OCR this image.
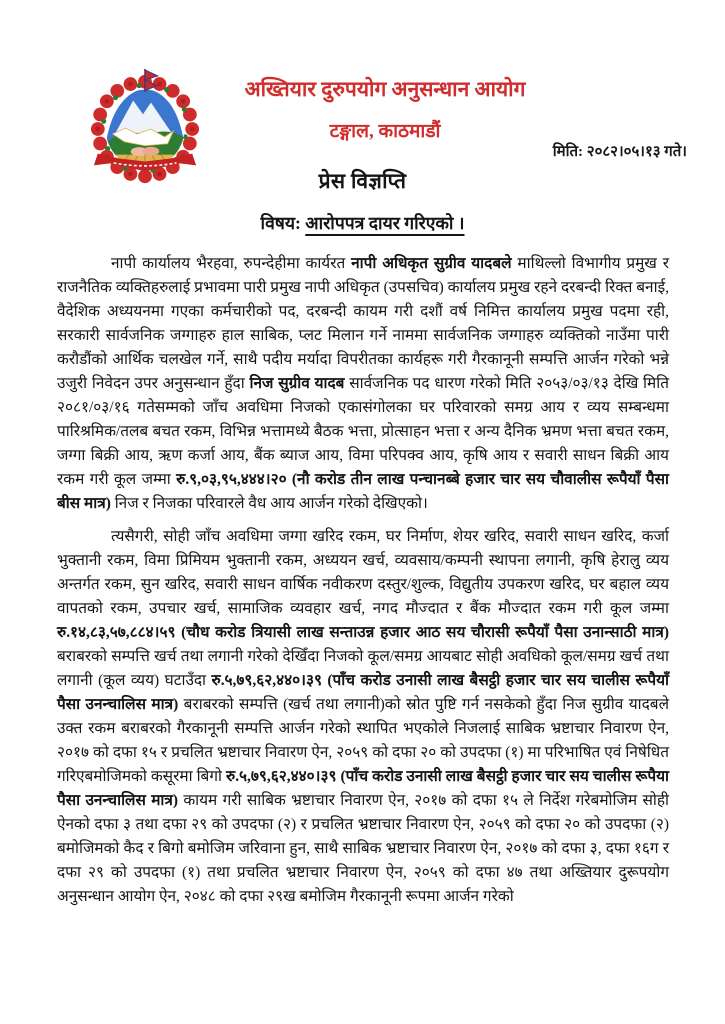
अख्तियार दुरुपयोग अनुसन्धान आयोग
टङ्गाल, काठमाडौं
मिति: २०८२।०५।१३ गते।
प्रेस विज्ञप्ति
विषय: आरोपपत्र दायर गरिएको ।

नापी कार्यालय भैरहवा, रुपन्देहीमा कार्यरत नापी अधिकृत सुग्रीव यादबले माथिल्लो विभागीय प्रमुख र राजनैतिक व्यक्तिहरुलाई प्रभावमा पारी प्रमुख नापी अधिकृत (उपसचिव) कार्यालय प्रमुख रहने दरबन्दी रिक्त बनाई, वैदेशिक अध्ययनमा गएका कर्मचारीको पद, दरबन्दी कायम गरी दशौं वर्ष निमित्त कार्यालय प्रमुख पदमा रही, सरकारी सार्वजनिक जग्गाहरु हाल साबिक, प्लट मिलान गर्ने नाममा सार्वजनिक जग्गाहरु व्यक्तिको नाउँमा पारी करौडौंको आर्थिक चलखेल गर्ने, साथै पदीय मर्यादा विपरीतका कार्यहरू गरी गैरकानूनी सम्पत्ति आर्जन गरेको भन्ने उजुरी निवेदन उपर अनुसन्धान हुँदा निज सुग्रीव यादब सार्वजनिक पद धारण गरेको मिति २०५३/०३/१३ देखि मिति २०८१/०३/१६ गतेसम्मको जाँच अवधिमा निजको एकासंगोलका घर परिवारको समग्र आय र व्यय सम्बन्धमा पारिश्रमिक/तलब बचत रकम, विभिन्न भत्तामध्ये बैठक भत्ता, प्रोत्साहन भत्ता र अन्य दैनिक भ्रमण भत्ता बचत रकम, जग्गा बिक्री आय, ऋण कर्जा आय, बैंक ब्याज आय, विमा परिपक्व आय, कृषि आय र सवारी साधन बिक्री आय रकम गरी कूल जम्मा रु.९,०३,९५,४४४।२० (नौ करोड तीन लाख पन्चानब्बे हजार चार सय चौवालीस रूपैयाँ पैसा बीस मात्र) निज र निजका परिवारले वैध आय आर्जन गरेको देखिएको।

त्यसैगरी, सोही जाँच अवधिमा जग्गा खरिद रकम, घर निर्माण, शेयर खरिद, सवारी साधन खरिद, कर्जा भुक्तानी रकम, विमा प्रिमियम भुक्तानी रकम, अध्ययन खर्च, व्यवसाय/कम्पनी स्थापना लगानी, कृषि हेरालु व्यय अन्तर्गत रकम, सुन खरिद, सवारी साधन वार्षिक नवीकरण दस्तुर/शुल्क, विद्युतीय उपकरण खरिद, घर बहाल व्यय वापतको रकम, उपचार खर्च, सामाजिक व्यवहार खर्च, नगद मौज्दात र बैंक मौज्दात रकम गरी कूल जम्मा रु.१४,८३,५७,८८४।५९ (चौध करोड त्रियासी लाख सन्ताउन्न हजार आठ सय चौरासी रूपैयाँ पैसा उनान्साठी मात्र) बराबरको सम्पत्ति खर्च तथा लगानी गरेको देखिँदा निजको कूल/समग्र आयबाट सोही अवधिको कूल/समग्र खर्च तथा लगानी (कूल व्यय) घटाउँदा रु.५,७९,६२,४४०।३९ (पाँच करोड उनासी लाख बैसट्ठी हजार चार सय चालीस रूपैयाँ पैसा उनन्चालिस मात्र) बराबरको सम्पत्ति (खर्च तथा लगानी)को स्रोत पुष्टि गर्न नसकेको हुँदा निज सुग्रीव यादबले उक्त रकम बराबरको गैरकानूनी सम्पत्ति आर्जन गरेको स्थापित भएकोले निजलाई साबिक भ्रष्टाचार निवारण ऐन, २०१७ को दफा १५ र प्रचलित भ्रष्टाचार निवारण ऐन, २०५९ को दफा २० को उपदफा (१) मा परिभाषित एवं निषेधित गरिएबमोजिमको कसूरमा बिगो रु.५,७९,६२,४४०।३९ (पाँच करोड उनासी लाख बैसट्ठी हजार चार सय चालीस रूपैया पैसा उनन्चालिस मात्र) कायम गरी साबिक भ्रष्टाचार निवारण ऐन, २०१७ को दफा १५ ले निर्देश गरेबमोजिम सोही ऐनको दफा ३ तथा दफा २९ को उपदफा (२) र प्रचलित भ्रष्टाचार निवारण ऐन, २०५९ को दफा २० को उपदफा (२) बमोजिमको कैद र बिगो बमोजिम जरिवाना हुन, साथै साबिक भ्रष्टाचार निवारण ऐन, २०१७ को दफा ३, दफा १६ग र दफा २९ को उपदफा (१) तथा प्रचलित भ्रष्टाचार निवारण ऐन, २०५९ को दफा ४७ तथा अख्तियार दुरूपयोग अनुसन्धान आयोग ऐन, २०४८ को दफा २९ख बमोजिम गैरकानूनी रूपमा आर्जन गरेको
